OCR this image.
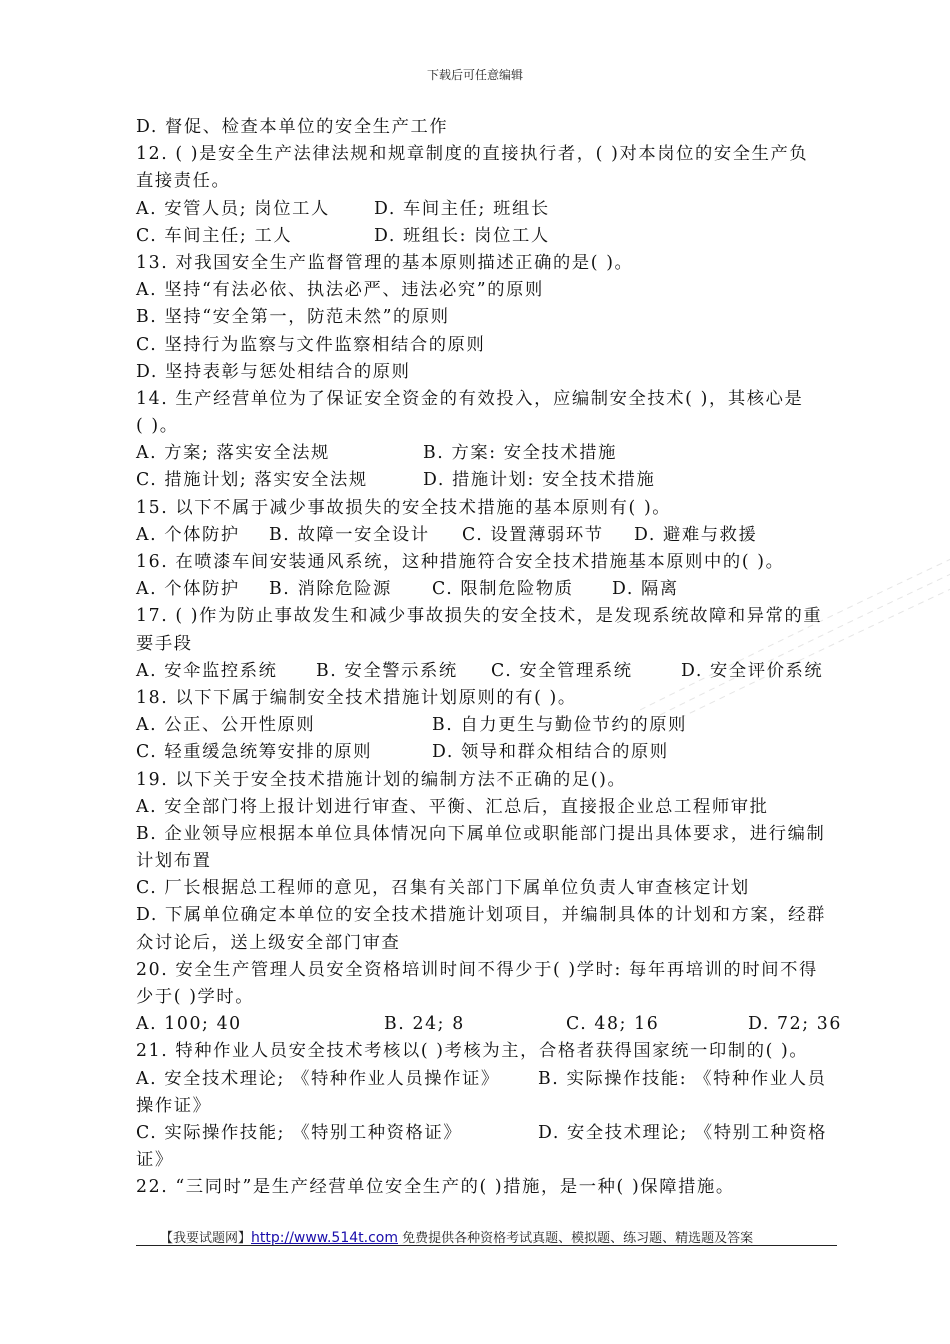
下载后可任意编辑
D. 督促、检查本单位的安全生产工作
12. ( )是安全生产法律法规和规章制度的直接执行者，( )对本岗位的安全生产负
直接责任。
A. 安管人员; 岗位工人	D. 车间主任; 班组长
C. 车间主任; 工人	D. 班组长: 岗位工人
13. 对我国安全生产监督管理的基本原则描述正确的是( )。
A. 坚持“有法必依、执法必严、违法必究”的原则
B. 坚持“安全第一，防范未然”的原则
C. 坚持行为监察与文件监察相结合的原则
D. 坚持表彰与惩处相结合的原则
14. 生产经营单位为了保证安全资金的有效投入，应编制安全技术( )，其核心是
( )。
A. 方案; 落实安全法规	B. 方案: 安全技术措施
C. 措施计划; 落实安全法规	D. 措施计划: 安全技术措施
15. 以下不属于减少事故损失的安全技术措施的基本原则有( )。
A. 个体防护 B. 故障一安全设计 C. 设置薄弱环节 D. 避难与救援
16. 在喷漆车间安装通风系统，这种措施符合安全技术措施基本原则中的( )。
A. 个体防护 B. 消除危险源 C. 限制危险物质 D. 隔离
17. ( )作为防止事故发生和减少事故损失的安全技术，是发现系统故障和异常的重
要手段
A. 安伞监控系统 B. 安全警示系统 C. 安全管理系统	D. 安全评价系统
18. 以下下属于编制安全技术措施计划原则的有( )。
A. 公正、公开性原则	B. 自力更生与勤俭节约的原则
C. 轻重缓急统筹安排的原则	D. 领导和群众相结合的原则
19. 以下关于安全技术措施计划的编制方法不正确的足()。
A. 安全部门将上报计划进行审查、平衡、汇总后，直接报企业总工程师审批
B. 企业领导应根据本单位具体情况向下属单位或职能部门提出具体要求，进行编制
计划布置
C. 厂长根据总工程师的意见，召集有关部门下属单位负责人审查核定计划
D. 下属单位确定本单位的安全技术措施计划项目，并编制具体的计划和方案，经群
众讨论后，送上级安全部门审查
20. 安全生产管理人员安全资格培训时间不得少于( )学时: 每年再培训的时间不得
少于( )学时。
A. 100; 40	B. 24; 8	C. 48; 16	D. 72; 36
21. 特种作业人员安全技术考核以( )考核为主，合格者获得国家统一印制的( )。
A. 安全技术理论; 《特种作业人员操作证》 B. 实际操作技能: 《特种作业人员
操作证》
C. 实际操作技能; 《特别工种资格证》	D. 安全技术理论; 《特别工种资格
证》
22. “三同时”是生产经营单位安全生产的( )措施，是一种( )保障措施。
【我要试题网】http://www.514t.com 免费提供各种资格考试真题、模拟题、练习题、精选题及答案
